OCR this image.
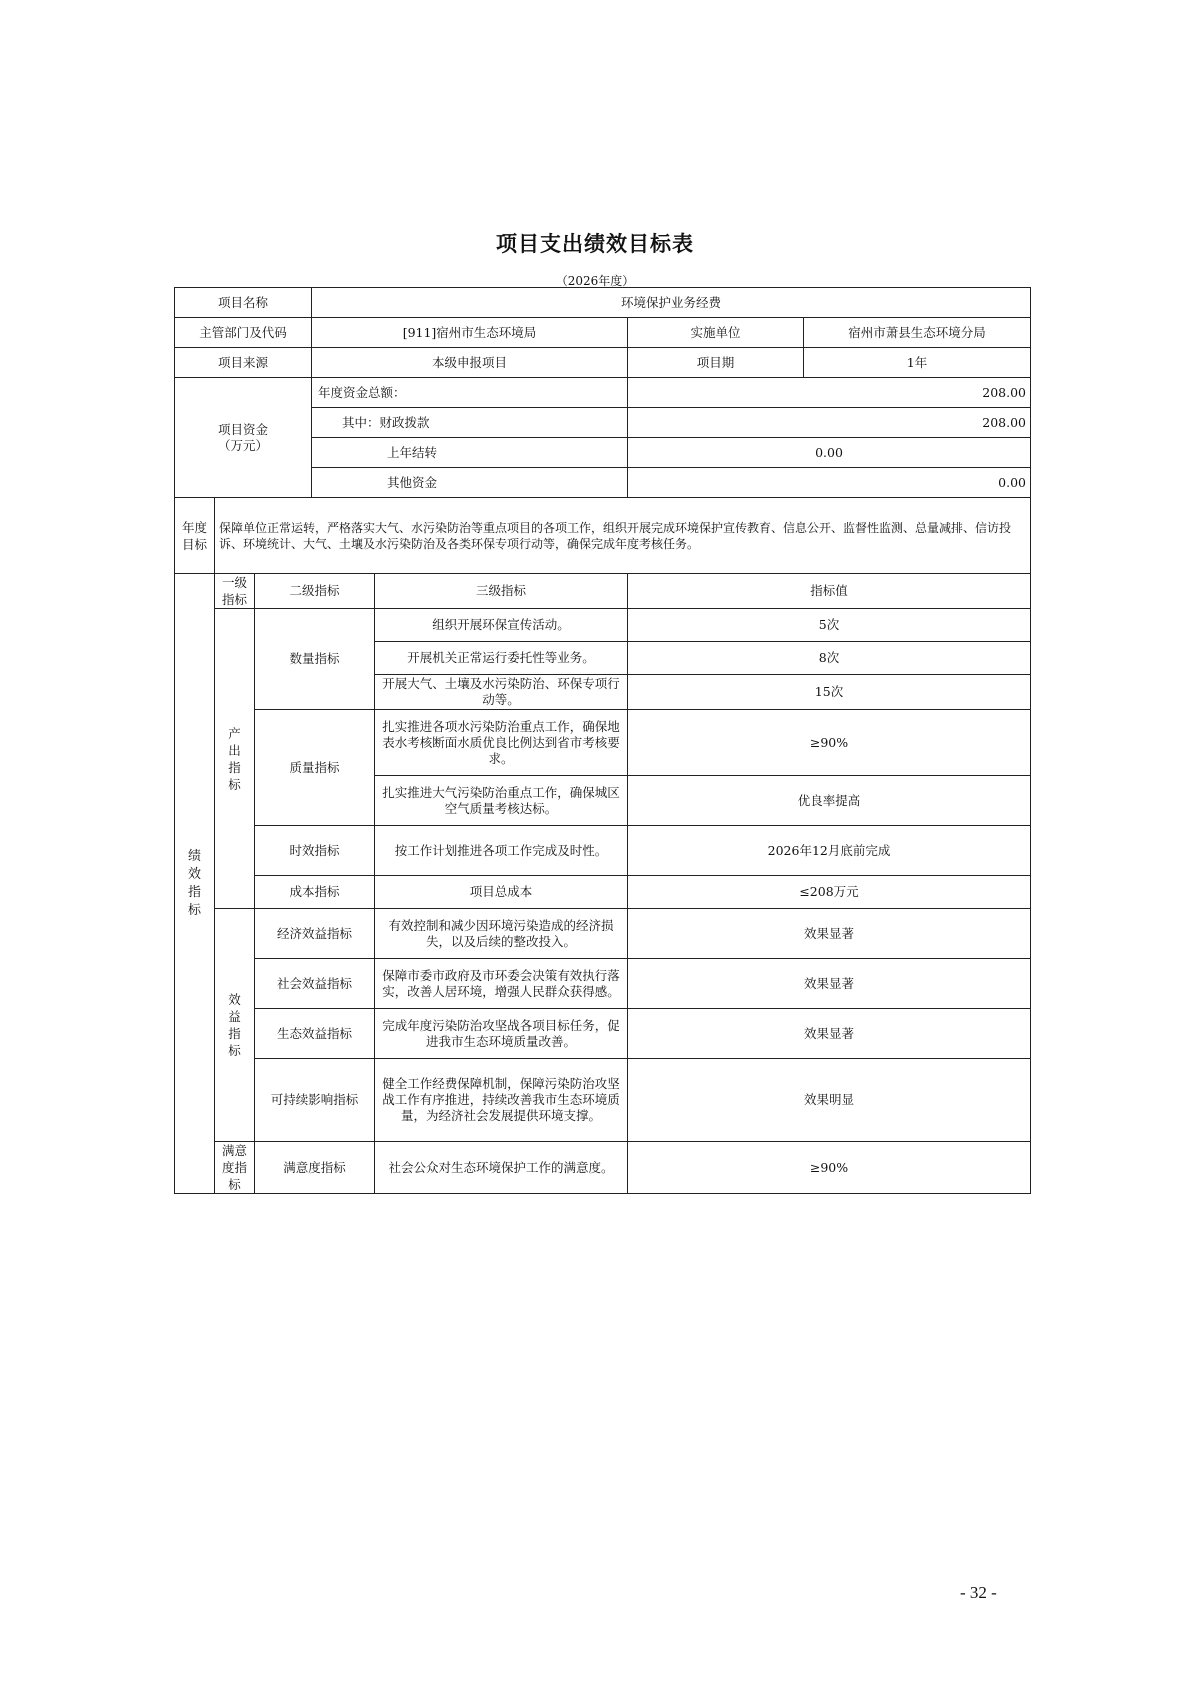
项目支出绩效目标表
（2026年度）
项目名称			环境保护业务经费			
主管部门及代码			[911]宿州市生态环境局		实施单位	宿州市萧县生态环境分局
项目来源			本级申报项目		项目期	1年

项目资金
（万元）			年度资金总额：		208.00	
			其中：财政拨款		208.00	
			上年结转		0.00	
			其他资金		0.00	
年度目标	保障单位正常运转，严格落实大气、水污染防治等重点项目的各项工作，组织开展完成环境保护宣传教育、信息公开、监督性监测、总量减排、信访投诉、环境统计、大气、土壤及水污染防治及各类环保专项行动等，确保完成年度考核任务。					
绩效指标	一级指标	二级指标		三级指标	指标值	
	产出指标	数量指标		组织开展环保宣传活动。	5次	
				开展机关正常运行委托性等业务。	8次	
				开展大气、土壤及水污染防治、环保专项行动等。	15次	
		质量指标		扎实推进各项水污染防治重点工作，确保地表水考核断面水质优良比例达到省市考核要求。	≥90%	
				扎实推进大气污染防治重点工作，确保城区空气质量考核达标。	优良率提高	
		时效指标		按工作计划推进各项工作完成及时性。	2026年12月底前完成	
		成本指标		项目总成本	≤208万元	
	效益指标	经济效益指标		有效控制和减少因环境污染造成的经济损失，以及后续的整改投入。	效果显著	
		社会效益指标		保障市委市政府及市环委会决策有效执行落实，改善人居环境，增强人民群众获得感。	效果显著	
		生态效益指标		完成年度污染防治攻坚战各项目标任务，促进我市生态环境质量改善。	效果显著	
		可持续影响指标		健全工作经费保障机制，保障污染防治攻坚战工作有序推进，持续改善我市生态环境质量，为经济社会发展提供环境支撑。	效果明显	
	满意度指标	满意度指标		社会公众对生态环境保护工作的满意度。	≥90%	
- 32 -
